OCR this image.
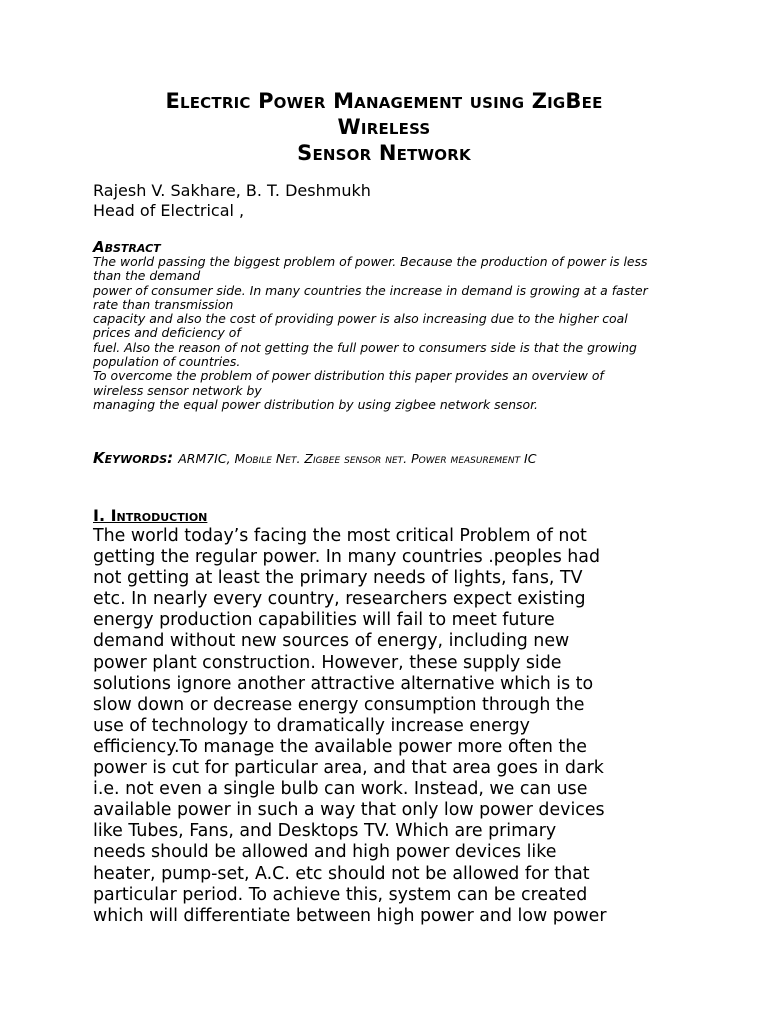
Electric Power Management using ZigBee
Wireless
Sensor Network
Rajesh V. Sakhare, B. T. Deshmukh
Head of Electrical ,
Abstract
The world passing the biggest problem of power. Because the production of power is less
than the demand
power of consumer side. In many countries the increase in demand is growing at a faster
rate than transmission
capacity and also the cost of providing power is also increasing due to the higher coal
prices and deficiency of
fuel. Also the reason of not getting the full power to consumers side is that the growing
population of countries.
To overcome the problem of power distribution this paper provides an overview of
wireless sensor network by
managing the equal power distribution by using zigbee network sensor.
Keywords: ARM7IC, Mobile Net. Zigbee sensor net. Power measurement IC
I. Introduction
The world today’s facing the most critical Problem of not
getting the regular power. In many countries .peoples had
not getting at least the primary needs of lights, fans, TV
etc. In nearly every country, researchers expect existing
energy production capabilities will fail to meet future
demand without new sources of energy, including new
power plant construction. However, these supply side
solutions ignore another attractive alternative which is to
slow down or decrease energy consumption through the
use of technology to dramatically increase energy
efficiency.To manage the available power more often the
power is cut for particular area, and that area goes in dark
i.e. not even a single bulb can work. Instead, we can use
available power in such a way that only low power devices
like Tubes, Fans, and Desktops TV. Which are primary
needs should be allowed and high power devices like
heater, pump-set, A.C. etc should not be allowed for that
particular period. To achieve this, system can be created
which will differentiate between high power and low power
